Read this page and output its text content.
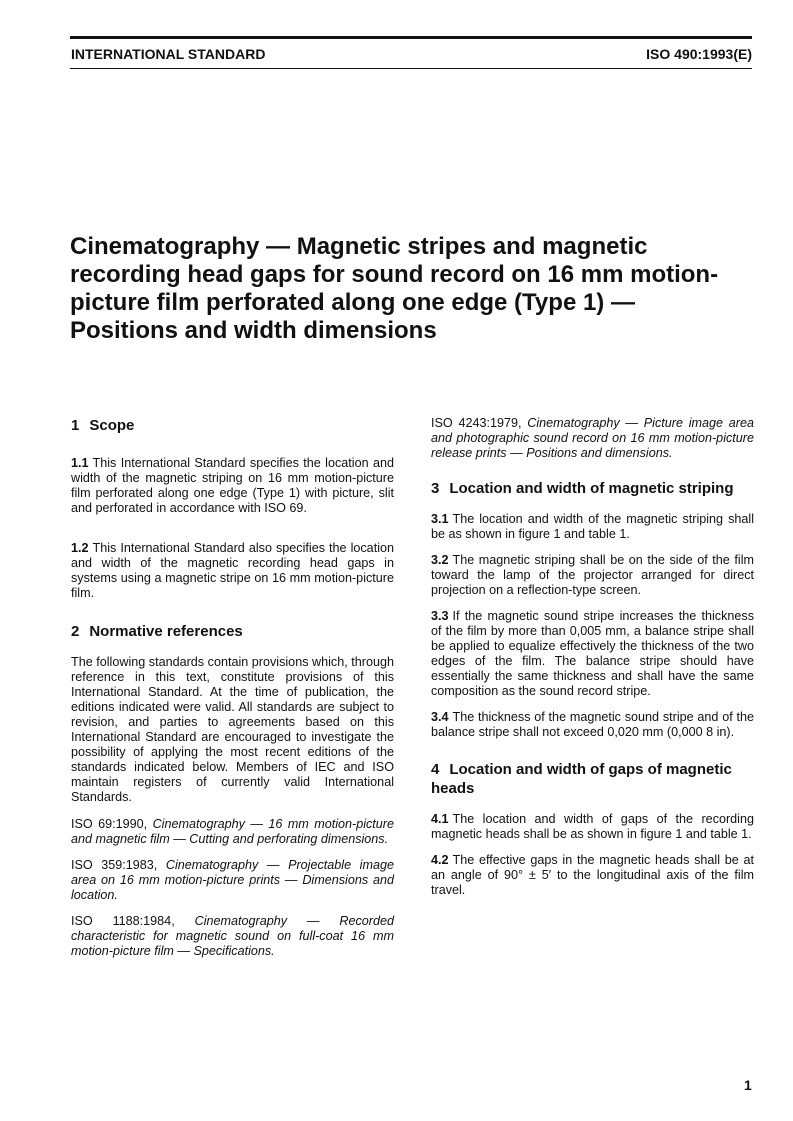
INTERNATIONAL STANDARD	ISO 490:1993(E)
Cinematography — Magnetic stripes and magnetic recording head gaps for sound record on 16 mm motion-picture film perforated along one edge (Type 1) — Positions and width dimensions
1 Scope

1.1 This International Standard specifies the location and width of the magnetic striping on 16 mm motion-picture film perforated along one edge (Type 1) with picture, slit and perforated in accordance with ISO 69.

1.2 This International Standard also specifies the location and width of the magnetic recording head gaps in systems using a magnetic stripe on 16 mm motion-picture film.

2 Normative references

The following standards contain provisions which, through reference in this text, constitute provisions of this International Standard. At the time of publication, the editions indicated were valid. All standards are subject to revision, and parties to agreements based on this International Standard are encouraged to investigate the possibility of applying the most recent editions of the standards indicated below. Members of IEC and ISO maintain registers of currently valid International Standards.

ISO 69:1990, Cinematography — 16 mm motion-picture and magnetic film — Cutting and perforating dimensions.

ISO 359:1983, Cinematography — Projectable image area on 16 mm motion-picture prints — Dimensions and location.

ISO 1188:1984, Cinematography — Recorded characteristic for magnetic sound on full-coat 16 mm motion-picture film — Specifications.

ISO 4243:1979, Cinematography — Picture image area and photographic sound record on 16 mm motion-picture release prints — Positions and dimensions.

3 Location and width of magnetic striping

3.1 The location and width of the magnetic striping shall be as shown in figure 1 and table 1.

3.2 The magnetic striping shall be on the side of the film toward the lamp of the projector arranged for direct projection on a reflection-type screen.

3.3 If the magnetic sound stripe increases the thickness of the film by more than 0,005 mm, a balance stripe shall be applied to equalize effectively the thickness of the two edges of the film. The balance stripe should have essentially the same thickness and shall have the same composition as the sound record stripe.

3.4 The thickness of the magnetic sound stripe and of the balance stripe shall not exceed 0,020 mm (0,000 8 in).

4 Location and width of gaps of magnetic heads

4.1 The location and width of gaps of the recording magnetic heads shall be as shown in figure 1 and table 1.

4.2 The effective gaps in the magnetic heads shall be at an angle of 90° ± 5′ to the longitudinal axis of the film travel.

1
